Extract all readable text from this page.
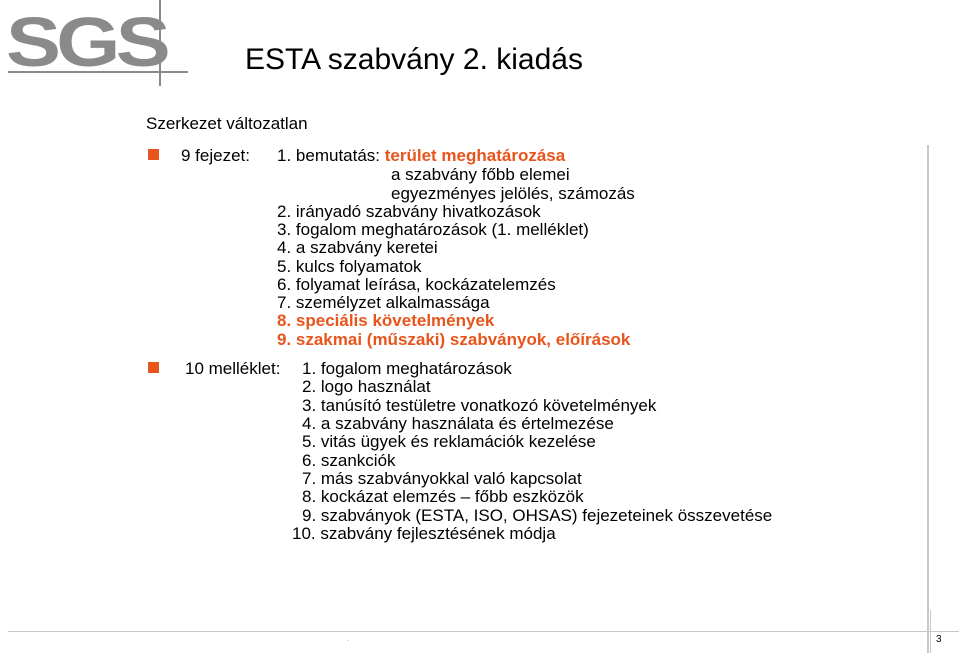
SGS	ESTA szabvány 2. kiadás
Szerkezet változatlan
9 fejezet: 1. bemutatás: terület meghatározása
a szabvány főbb elemei
egyezményes jelölés, számozás
2. irányadó szabvány hivatkozások
3. fogalom meghatározások (1. melléklet)
4. a szabvány keretei
5. kulcs folyamatok
6. folyamat leírása, kockázatelemzés
7. személyzet alkalmassága
8. speciális követelmények
9. szakmai (műszaki) szabványok, előírások
10 melléklet: 1. fogalom meghatározások
2. logo használat
3. tanúsító testületre vonatkozó követelmények
4. a szabvány használata és értelmezése
5. vitás ügyek és reklamációk kezelése
6. szankciók
7. más szabványokkal való kapcsolat
8. kockázat elemzés – főbb eszközök
9. szabványok (ESTA, ISO, OHSAS) fejezeteinek összevetése
10. szabvány fejlesztésének módja
.	3
